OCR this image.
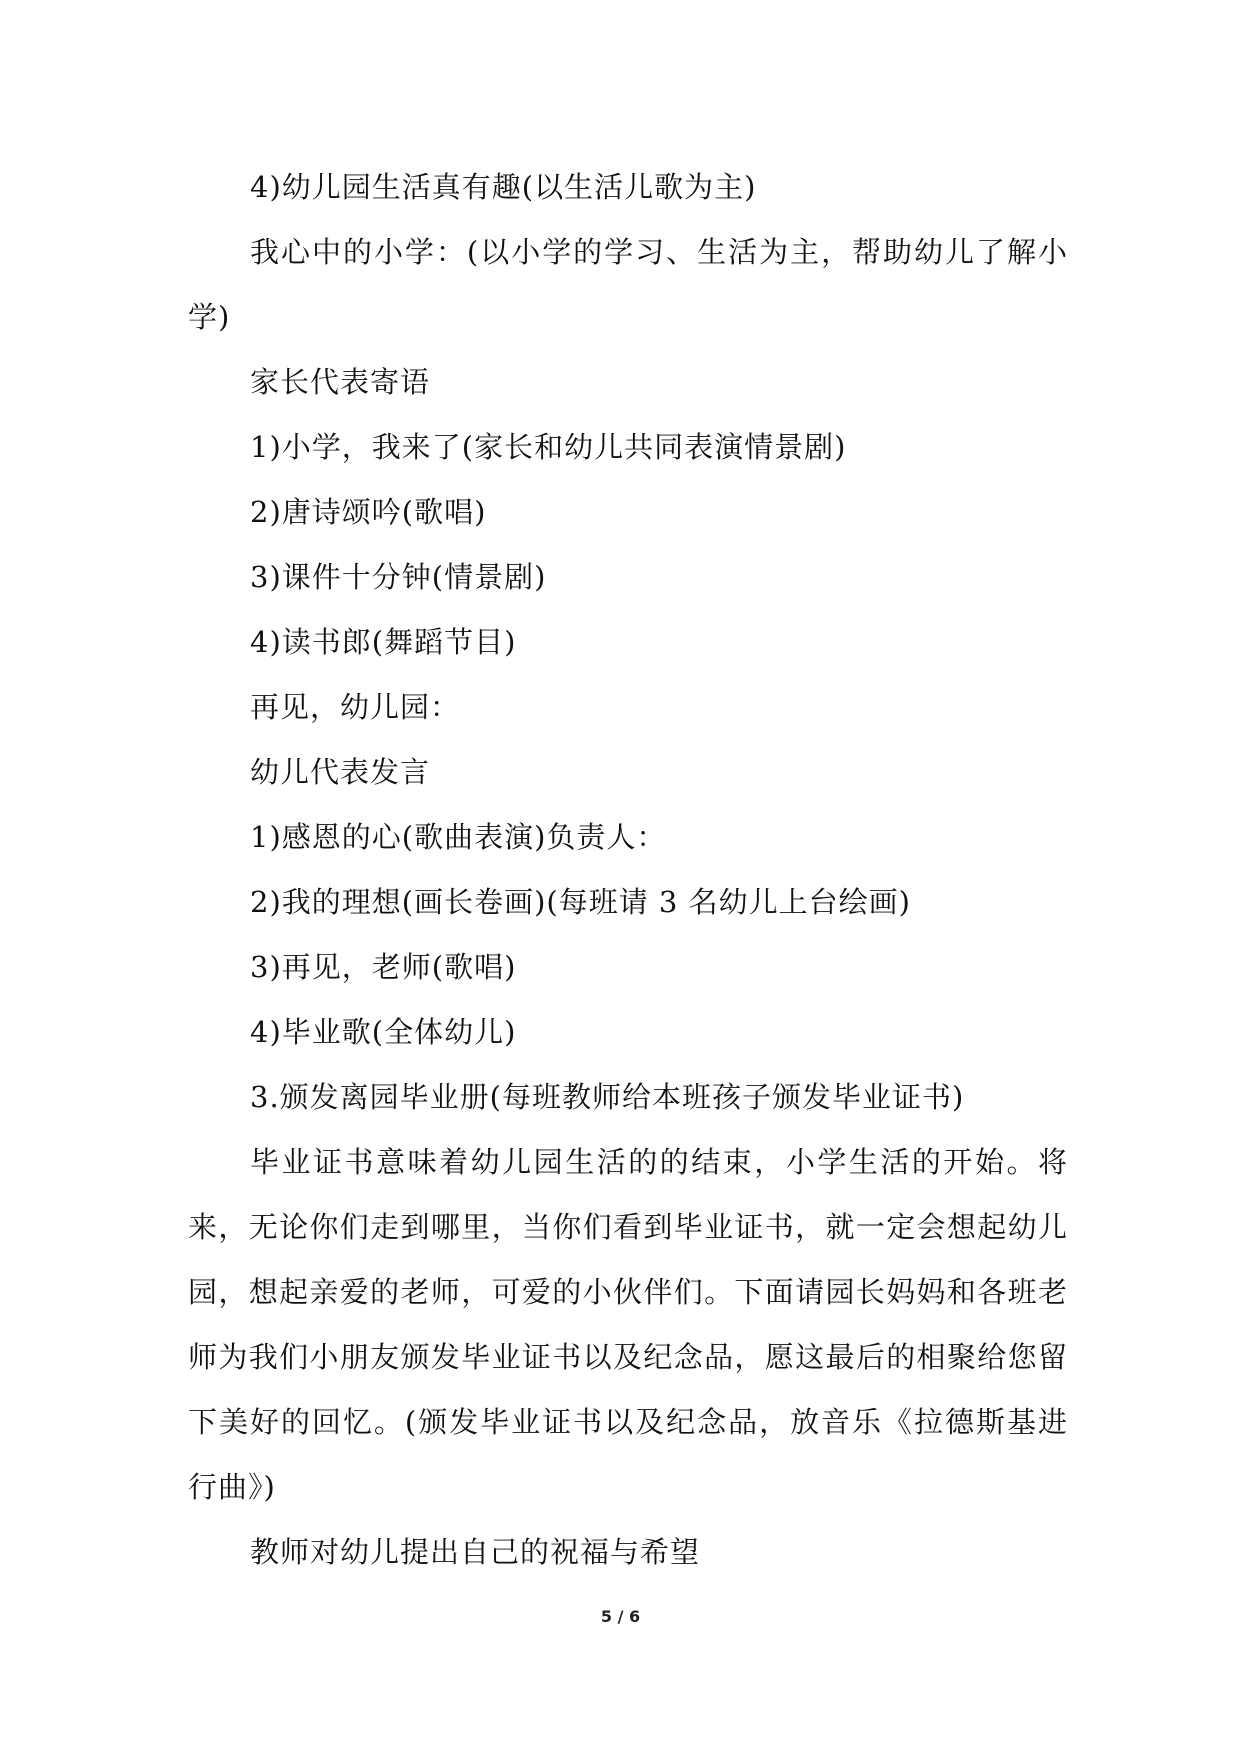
4)幼儿园生活真有趣(以生活儿歌为主)

我心中的小学：(以小学的学习、生活为主，帮助幼儿了解小学)

家长代表寄语

1)小学，我来了(家长和幼儿共同表演情景剧)

2)唐诗颂吟(歌唱)

3)课件十分钟(情景剧)

4)读书郎(舞蹈节目)

再见，幼儿园：

幼儿代表发言

1)感恩的心(歌曲表演)负责人：

2)我的理想(画长卷画)(每班请 3 名幼儿上台绘画)

3)再见，老师(歌唱)

4)毕业歌(全体幼儿)

3.颁发离园毕业册(每班教师给本班孩子颁发毕业证书)

毕业证书意味着幼儿园生活的的结束，小学生活的开始。将来，无论你们走到哪里，当你们看到毕业证书，就一定会想起幼儿园，想起亲爱的老师，可爱的小伙伴们。下面请园长妈妈和各班老师为我们小朋友颁发毕业证书以及纪念品，愿这最后的相聚给您留下美好的回忆。(颁发毕业证书以及纪念品，放音乐《拉德斯基进行曲》)

教师对幼儿提出自己的祝福与希望

5 / 6
